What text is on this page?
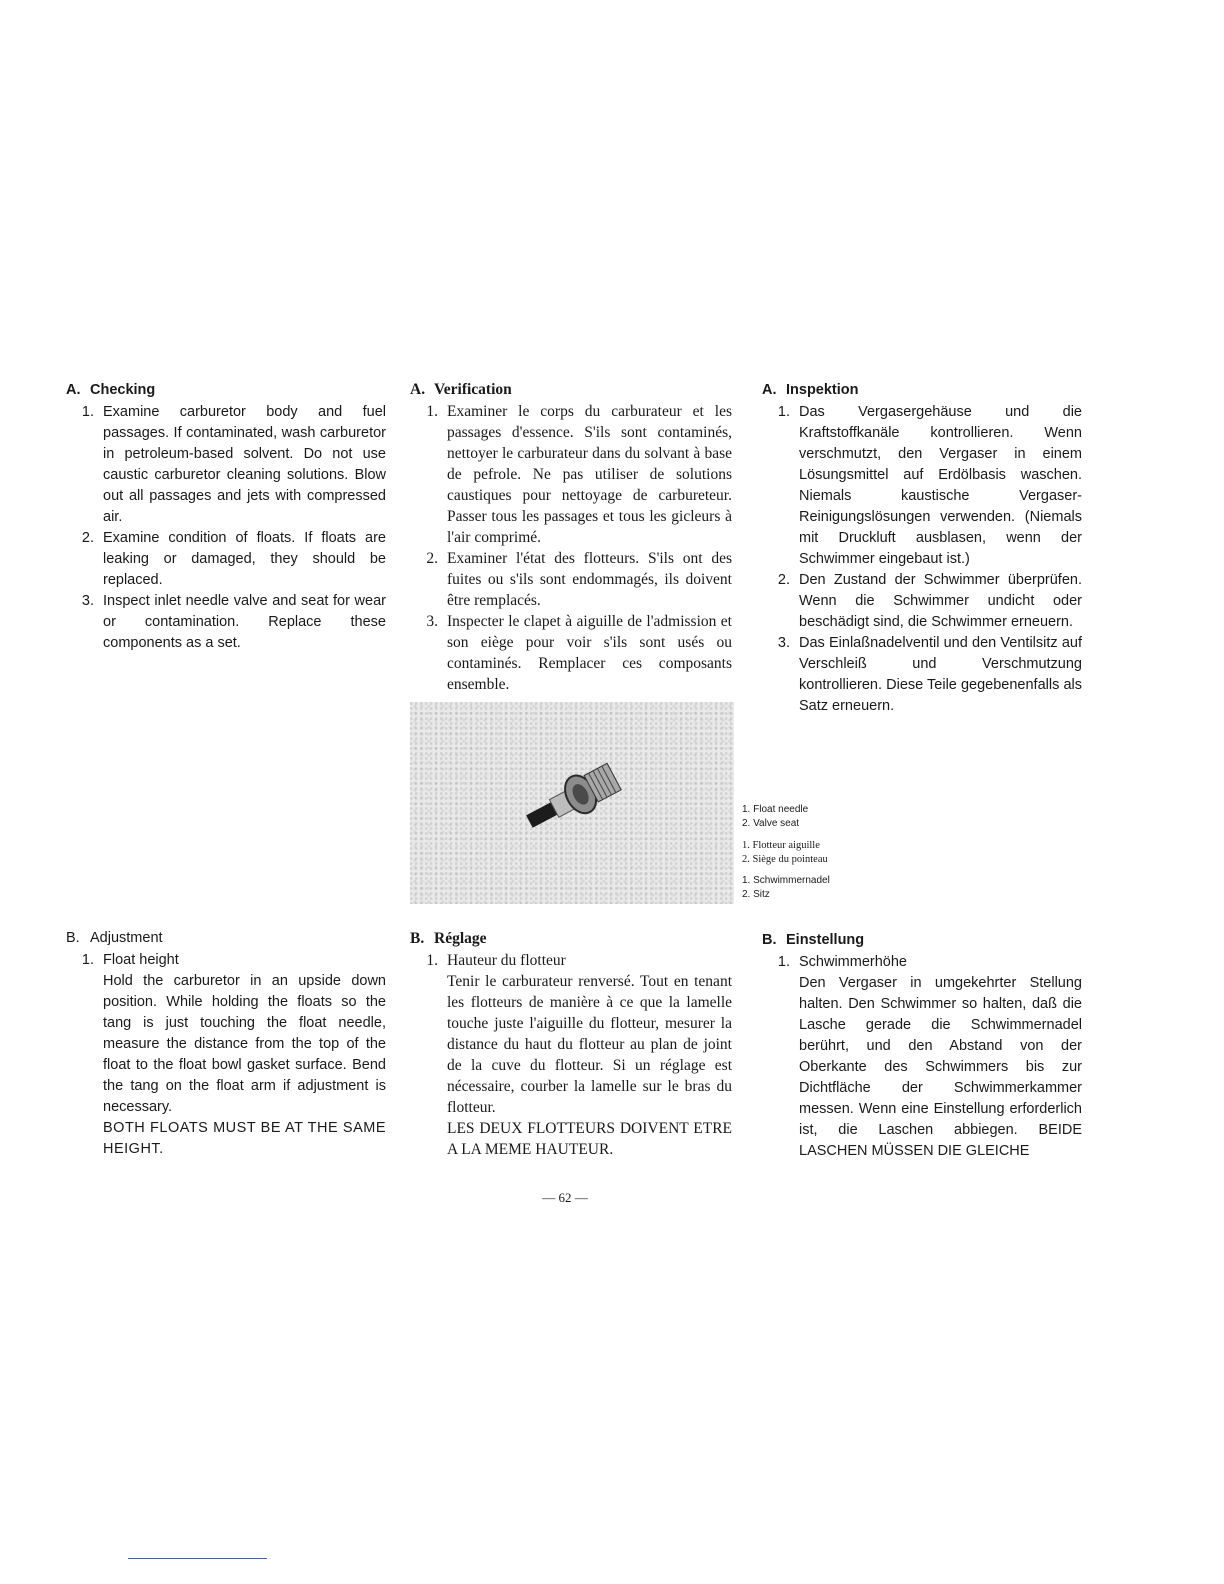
A. Checking
1. Examine carburetor body and fuel passages. If contaminated, wash carburetor in petroleum-based solvent. Do not use caustic carburetor cleaning solutions. Blow out all passages and jets with compressed air.
2. Examine condition of floats. If floats are leaking or damaged, they should be replaced.
3. Inspect inlet needle valve and seat for wear or contamination. Replace these components as a set.
A. Verification
1. Examiner le corps du carburateur et les passages d'essence. S'ils sont contaminés, nettoyer le carburateur dans du solvant à base de pefrole. Ne pas utiliser de solutions caustiques pour nettoyage de carbureteur. Passer tous les passages et tous les gicleurs à l'air comprimé.
2. Examiner l'état des flotteurs. S'ils ont des fuites ou s'ils sont endommagés, ils doivent être remplacés.
3. Inspecter le clapet à aiguille de l'admission et son eiège pour voir s'ils sont usés ou contaminés. Remplacer ces composants ensemble.
A. Inspektion
1. Das Vergasergehäuse und die Kraftstoffkanäle kontrollieren. Wenn verschmutzt, den Vergaser in einem Lösungsmittel auf Erdölbasis waschen. Niemals kaustische Vergaser-Reinigungslösungen verwenden. (Niemals mit Druckluft ausblasen, wenn der Schwimmer eingebaut ist.)
2. Den Zustand der Schwimmer überprüfen. Wenn die Schwimmer undicht oder beschädigt sind, die Schwimmer erneuern.
3. Das Einlaßnadelventil und den Ventilsitz auf Verschleiß und Verschmutzung kontrollieren. Diese Teile gegebenenfalls als Satz erneuern.
1. Float needle
2. Valve seat
1. Flotteur aiguille
2. Siège du pointeau
1. Schwimmernadel
2. Sitz
B. Adjustment
1. Float height
Hold the carburetor in an upside down position. While holding the floats so the tang is just touching the float needle, measure the distance from the top of the float to the float bowl gasket surface. Bend the tang on the float arm if adjustment is necessary.
BOTH FLOATS MUST BE AT THE SAME HEIGHT.
B. Réglage
1. Hauteur du flotteur
Tenir le carburateur renversé. Tout en tenant les flotteurs de manière à ce que la lamelle touche juste l'aiguille du flotteur, mesurer la distance du haut du flotteur au plan de joint de la cuve du flotteur. Si un réglage est nécessaire, courber la lamelle sur le bras du flotteur.
LES DEUX FLOTTEURS DOIVENT ETRE A LA MEME HAUTEUR.
B. Einstellung
1. Schwimmerhöhe
Den Vergaser in umgekehrter Stellung halten. Den Schwimmer so halten, daß die Lasche gerade die Schwimmernadel berührt, und den Abstand von der Oberkante des Schwimmers bis zur Dichtfläche der Schwimmerkammer messen. Wenn eine Einstellung erforderlich ist, die Laschen abbiegen. BEIDE LASCHEN MÜSSEN DIE GLEICHE
— 62 —
